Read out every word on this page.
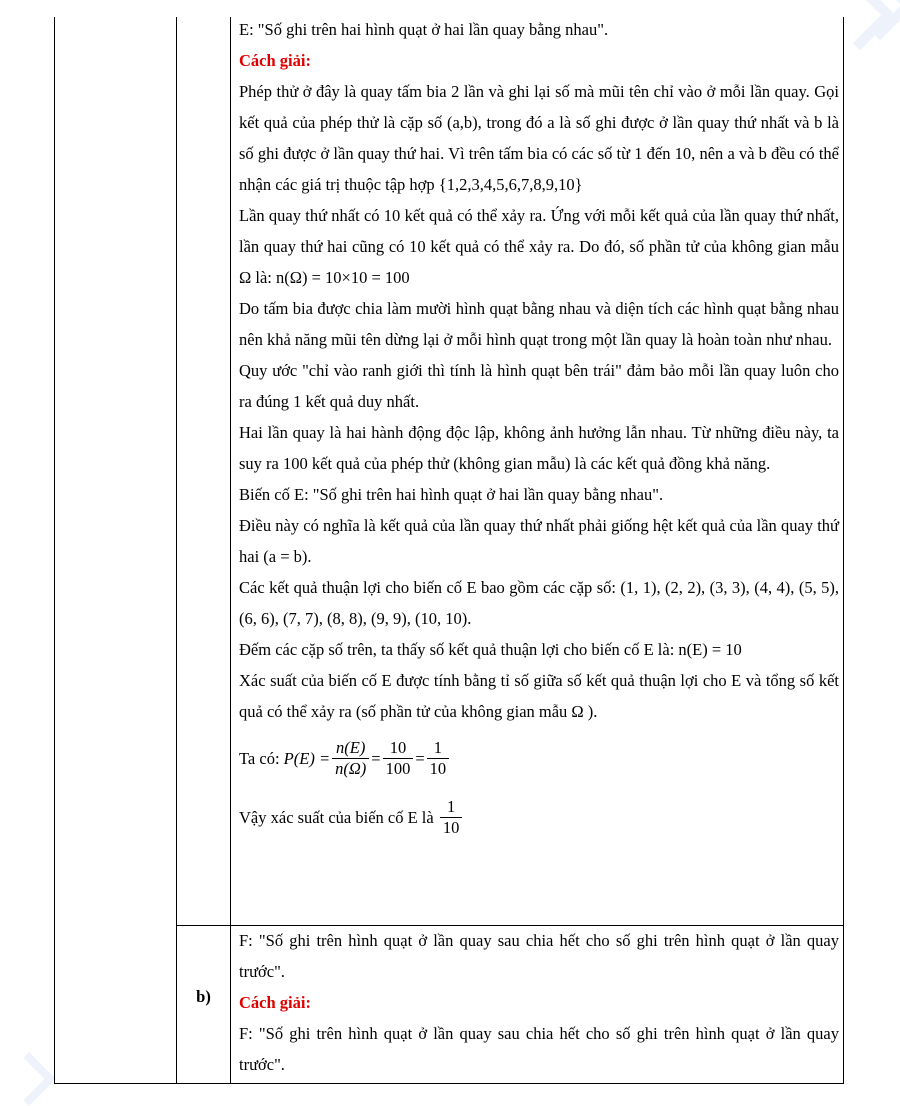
E: "Số ghi trên hai hình quạt ở hai lần quay bằng nhau".

Cách giải:

Phép thử ở đây là quay tấm bia 2 lần và ghi lại số mà mũi tên chỉ vào ở mỗi lần quay. Gọi kết quả của phép thử là cặp số (a,b), trong đó a là số ghi được ở lần quay thứ nhất và b là số ghi được ở lần quay thứ hai. Vì trên tấm bia có các số từ 1 đến 10, nên a và b đều có thể nhận các giá trị thuộc tập hợp {1,2,3,4,5,6,7,8,9,10}

Lần quay thứ nhất có 10 kết quả có thể xảy ra. Ứng với mỗi kết quả của lần quay thứ nhất, lần quay thứ hai cũng có 10 kết quả có thể xảy ra. Do đó, số phần tử của không gian mẫu Ω là: n(Ω) = 10×10 = 100

Do tấm bia được chia làm mười hình quạt bằng nhau và diện tích các hình quạt bằng nhau nên khả năng mũi tên dừng lại ở mỗi hình quạt trong một lần quay là hoàn toàn như nhau.

Quy ước "chỉ vào ranh giới thì tính là hình quạt bên trái" đảm bảo mỗi lần quay luôn cho ra đúng 1 kết quả duy nhất.

Hai lần quay là hai hành động độc lập, không ảnh hưởng lẫn nhau. Từ những điều này, ta suy ra 100 kết quả của phép thử (không gian mẫu) là các kết quả đồng khả năng.

Biến cố E: "Số ghi trên hai hình quạt ở hai lần quay bằng nhau".

Điều này có nghĩa là kết quả của lần quay thứ nhất phải giống hệt kết quả của lần quay thứ hai (a = b).

Các kết quả thuận lợi cho biến cố E bao gồm các cặp số: (1, 1), (2, 2), (3, 3), (4, 4), (5, 5), (6, 6), (7, 7), (8, 8), (9, 9), (10, 10).

Đếm các cặp số trên, ta thấy số kết quả thuận lợi cho biến cố E là: n(E) = 10

Xác suất của biến cố E được tính bằng tỉ số giữa số kết quả thuận lợi cho E và tổng số kết quả có thể xảy ra (số phần tử của không gian mẫu Ω ).

Ta có:
$P(E) = \frac{n(E)}{n(\Omega)} = \frac{10}{100} = \frac{1}{10}$
Vậy xác suất của biến cố E là
$\frac{1}{10}$
b)

F: "Số ghi trên hình quạt ở lần quay sau chia hết cho số ghi trên hình quạt ở lần quay trước".

Cách giải:

F: "Số ghi trên hình quạt ở lần quay sau chia hết cho số ghi trên hình quạt ở lần quay trước".
